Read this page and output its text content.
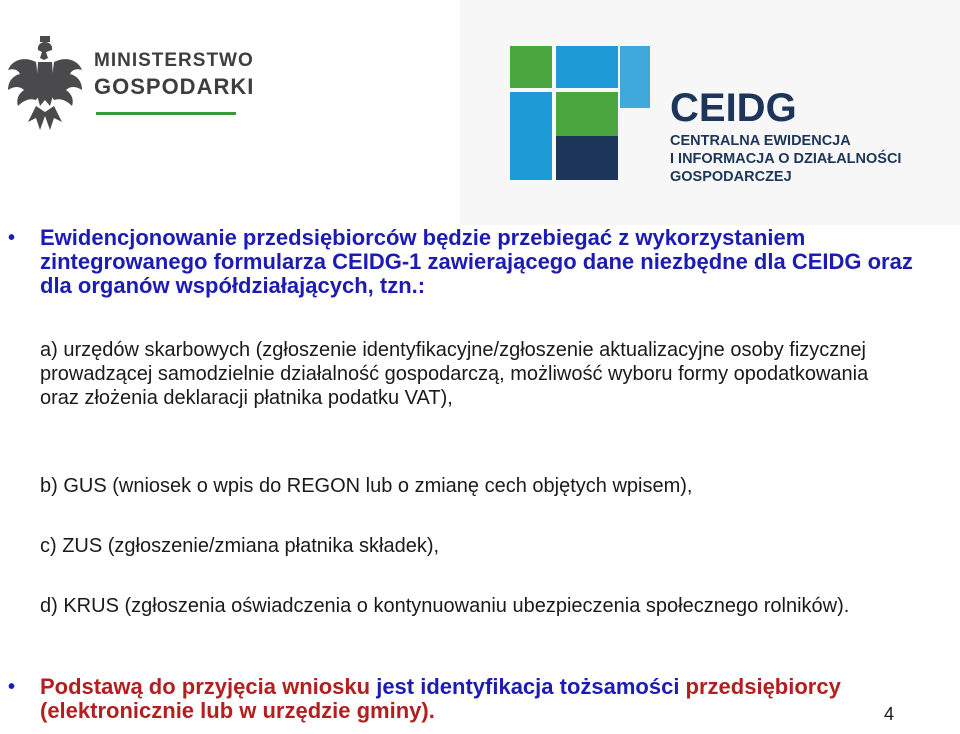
MINISTERSTWO
GOSPODARKI	CEIDG
CENTRALNA EWIDENCJA
I INFORMACJA O DZIAŁALNOŚCI
GOSPODARCZEJ
• Ewidencjonowanie przedsiębiorców będzie przebiegać z wykorzystaniem zintegrowanego formularza CEIDG-1 zawierającego dane niezbędne dla CEIDG oraz dla organów współdziałających, tzn.:
a) urzędów skarbowych (zgłoszenie identyfikacyjne/zgłoszenie aktualizacyjne osoby fizycznej prowadzącej samodzielnie działalność gospodarczą, możliwość wyboru formy opodatkowania oraz złożenia deklaracji płatnika podatku VAT),
b) GUS (wniosek o wpis do REGON lub o zmianę cech objętych wpisem),
c) ZUS (zgłoszenie/zmiana płatnika składek),
d) KRUS (zgłoszenia oświadczenia o kontynuowaniu ubezpieczenia społecznego rolników).
• Podstawą do przyjęcia wniosku jest identyfikacja tożsamości przedsiębiorcy (elektronicznie lub w urzędzie gminy).	4
